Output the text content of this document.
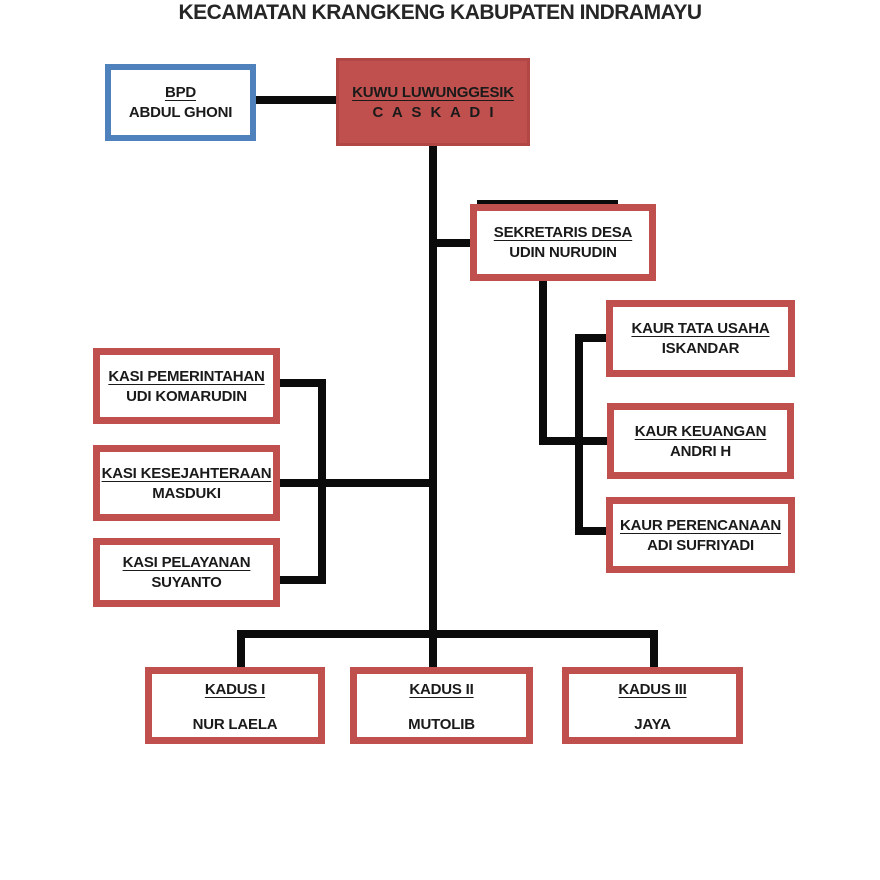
KECAMATAN KRANGKENG KABUPATEN INDRAMAYU
BPD
ABDUL GHONI
KUWU LUWUNGGESIK
C A S K A D I
SEKRETARIS DESA
UDIN NURUDIN
KAUR TATA USAHA
ISKANDAR
KAUR KEUANGAN
ANDRI H
KAUR PERENCANAAN
ADI SUFRIYADI
KASI PEMERINTAHAN
UDI KOMARUDIN
KASI KESEJAHTERAAN
MASDUKI
KASI PELAYANAN
SUYANTO
KADUS I
NUR LAELA
KADUS II
MUTOLIB
KADUS III
JAYA
